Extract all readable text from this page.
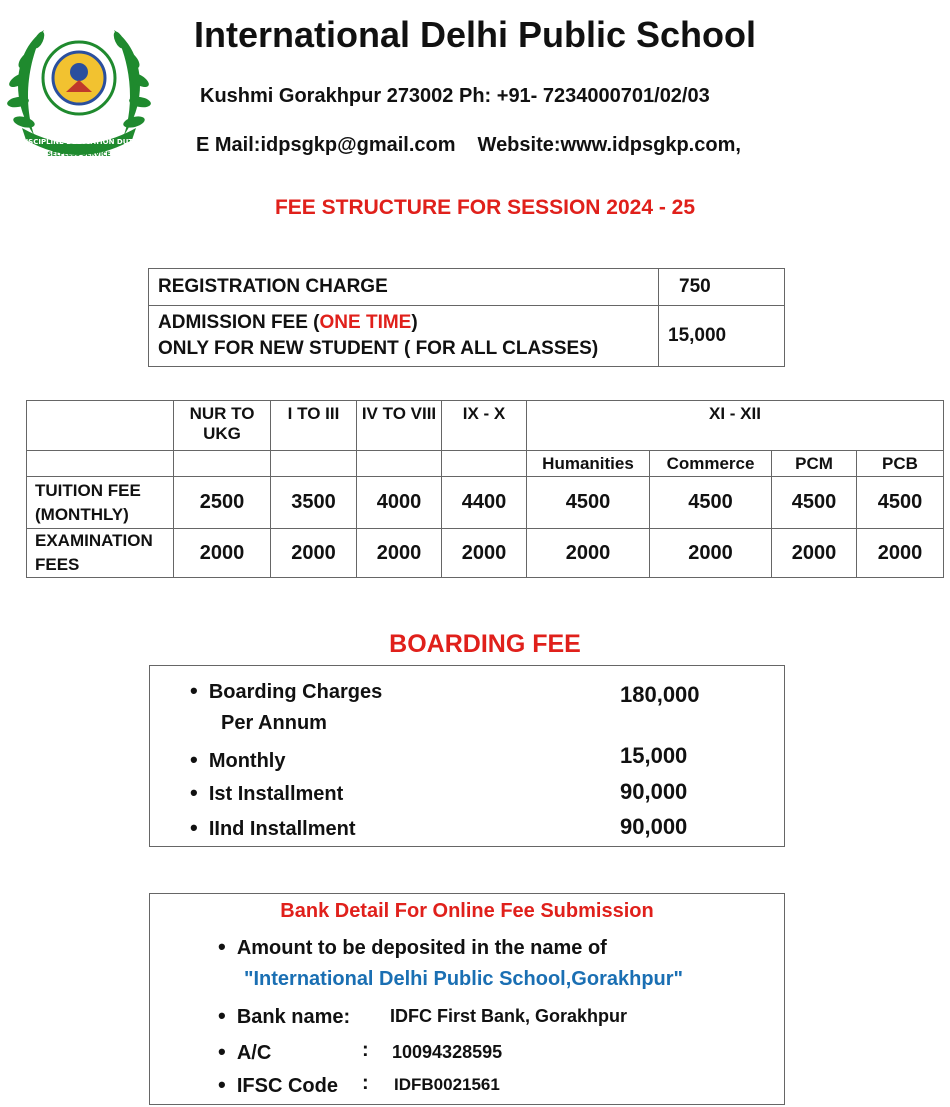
DISCIPLINE DEDICATION DUTY
SELFLESS SERVICE
International Delhi Public School
Kushmi Gorakhpur 273002 Ph: +91- 7234000701/02/03
E Mail:idpsgkp@gmail.com Website:www.idpsgkp.com,
FEE STRUCTURE FOR SESSION 2024 - 25
REGISTRATION CHARGE	750
ADMISSION FEE (ONE TIME)
ONLY FOR NEW STUDENT ( FOR ALL CLASSES)	15,000
	NUR TO UKG	I TO III	IV TO VIII	IX - X	XI - XII			
					Humanities	Commerce	PCM	PCB
TUITION FEE (MONTHLY)	2500	3500	4000	4400	4500	4500	4500	4500
EXAMINATION FEES	2000	2000	2000	2000	2000	2000	2000	2000
BOARDING FEE
• Boarding Charges
Per Annum
180,000
• Monthly	15,000
• Ist Installment	90,000
• IInd Installment	90,000
Bank Detail For Online Fee Submission
• Amount to be deposited in the name of
"International Delhi Public School,Gorakhpur"
• Bank name: IDFC First Bank, Gorakhpur
• A/C	: 10094328595
• IFSC Code : IDFB0021561
